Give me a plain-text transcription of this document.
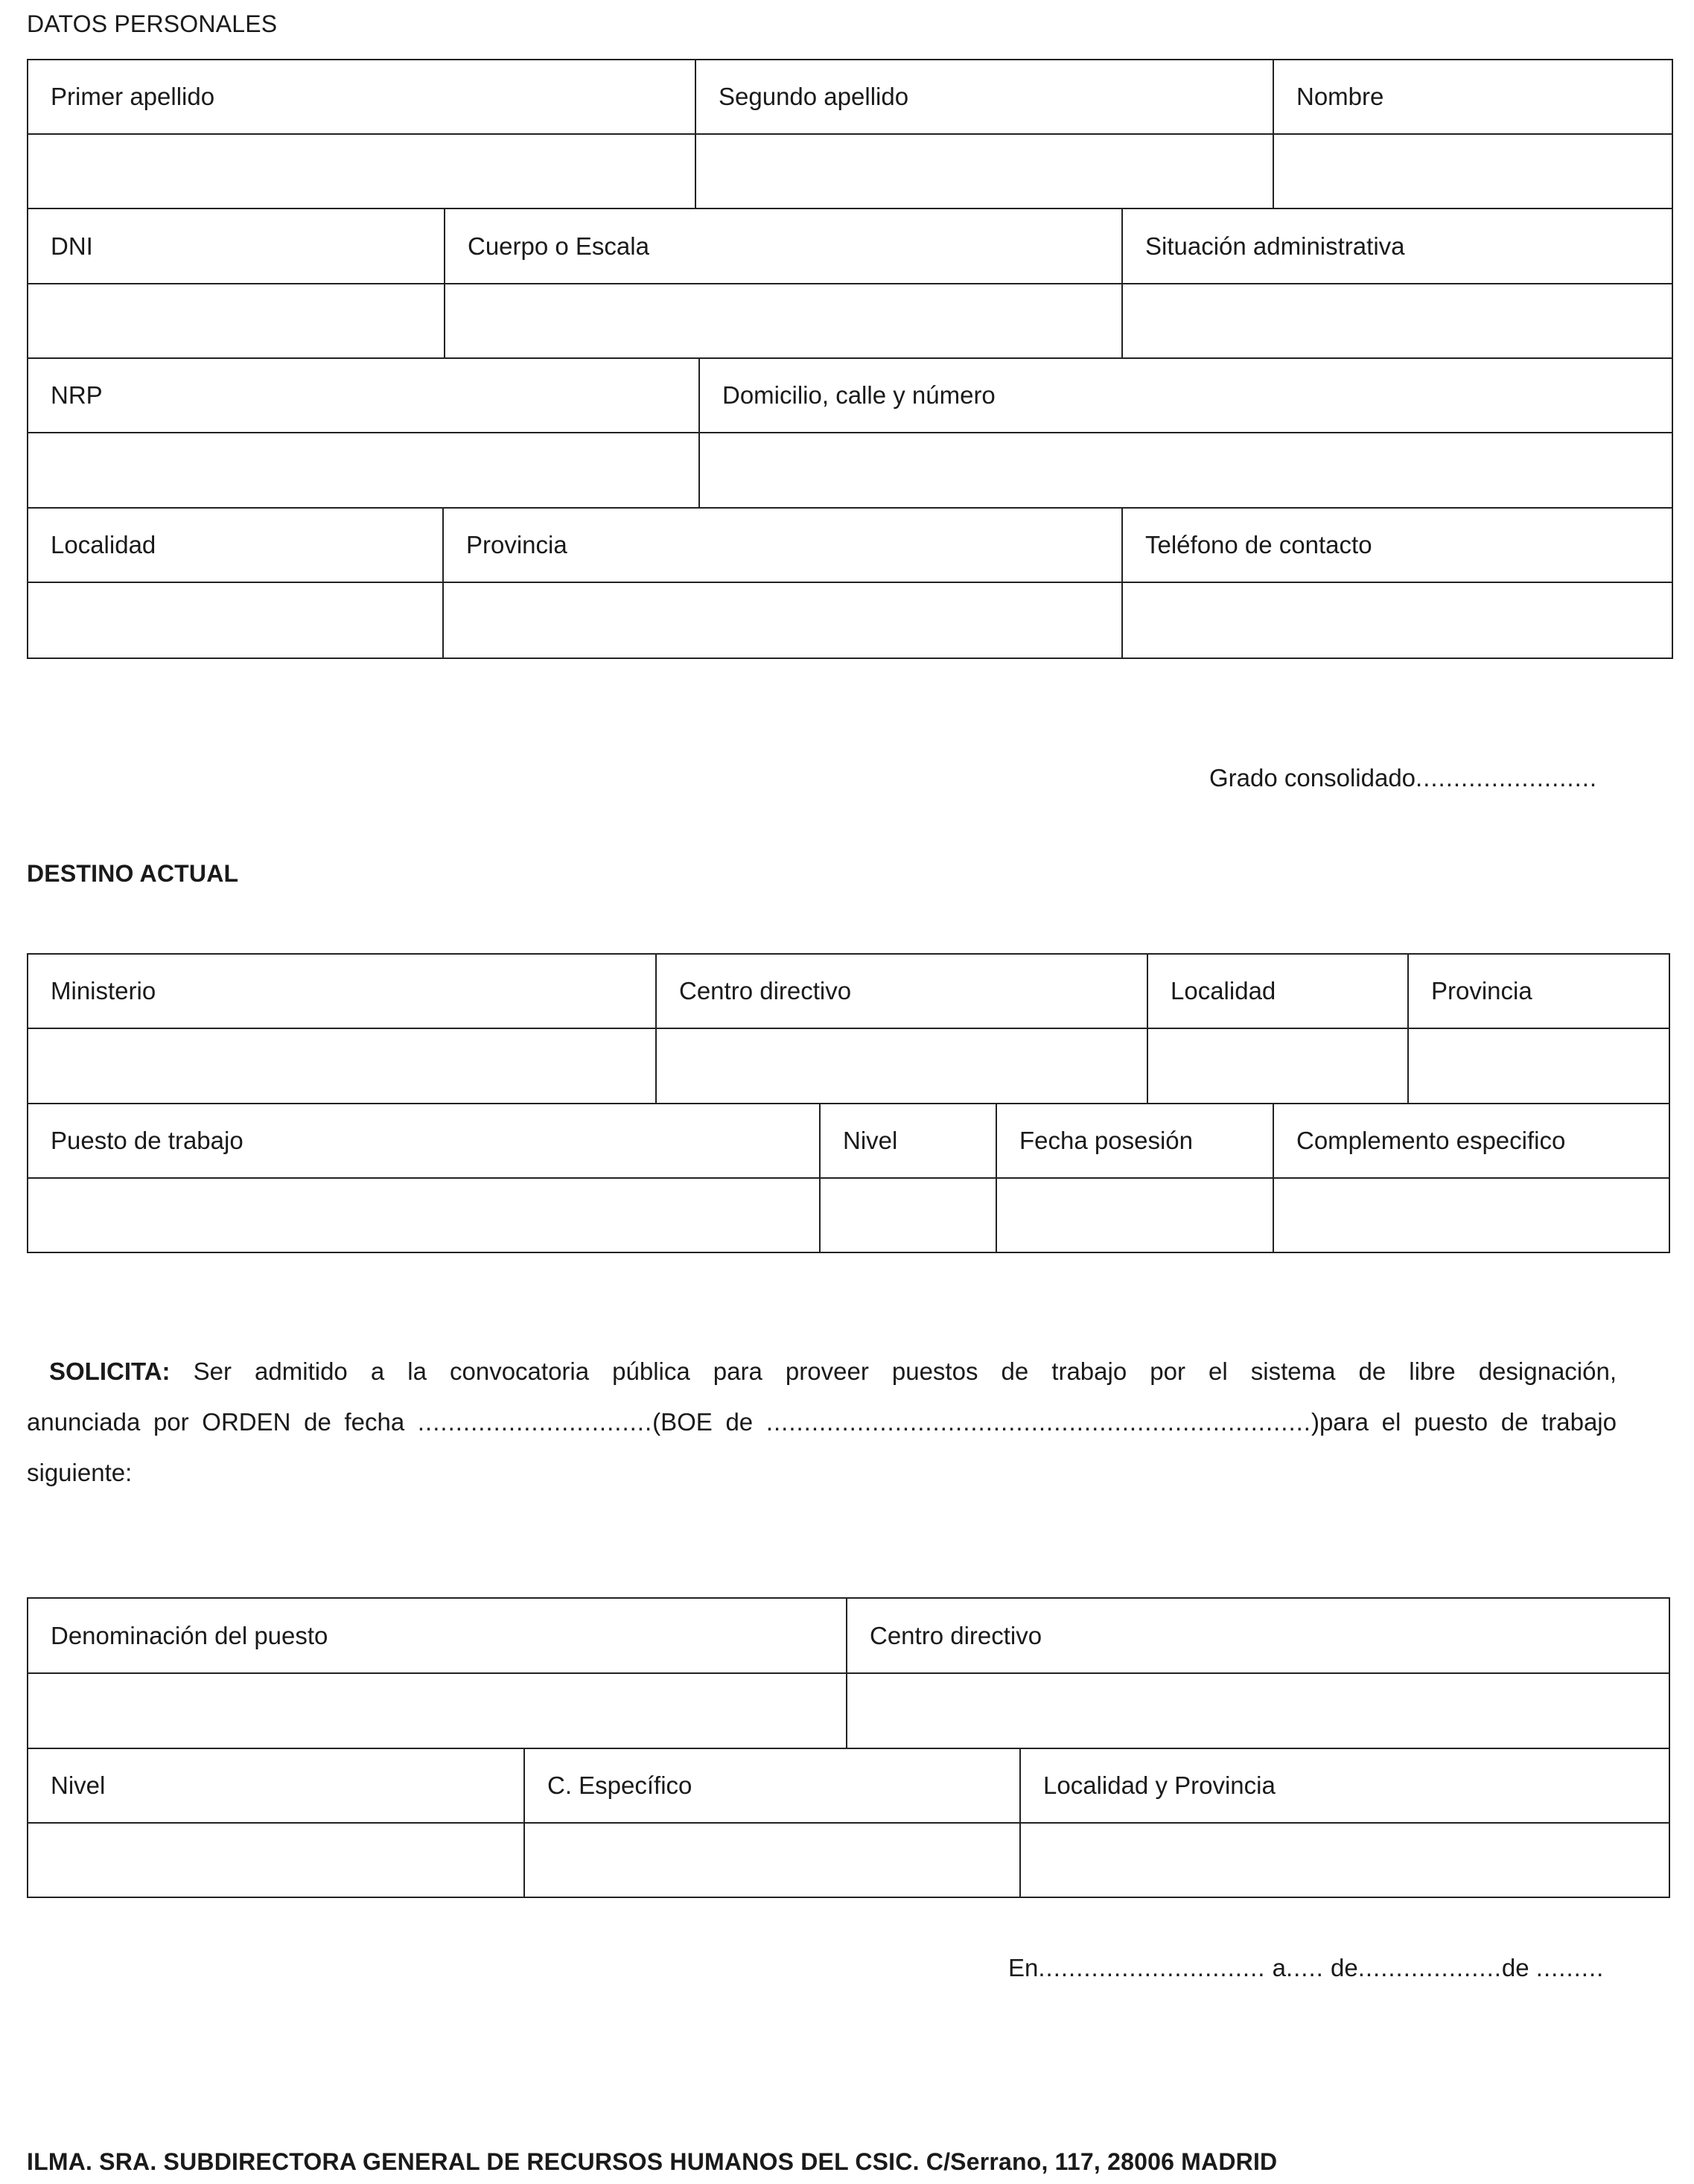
DATOS PERSONALES
Primer apellido	Segundo apellido	Nombre
DNI	Cuerpo o Escala	Situación administrativa
NRP	Domicilio, calle y número
Localidad	Provincia	Teléfono de contacto
Grado consolidado........................
DESTINO ACTUAL
Ministerio	Centro directivo	Localidad	Provincia
Puesto de trabajo	Nivel	Fecha posesión	Complemento especifico
SOLICITA: Ser admitido a la convocatoria pública para proveer puestos de trabajo por el sistema de libre designación,
anunciada por ORDEN de fecha ...............................(BOE de ........................................................................)para el puesto de trabajo
siguiente:
Denominación del puesto	Centro directivo
Nivel	C. Específico	Localidad y Provincia
En.............................. a..... de...................de .........
ILMA. SRA. SUBDIRECTORA GENERAL DE RECURSOS HUMANOS DEL CSIC. C/Serrano, 117, 28006 MADRID
